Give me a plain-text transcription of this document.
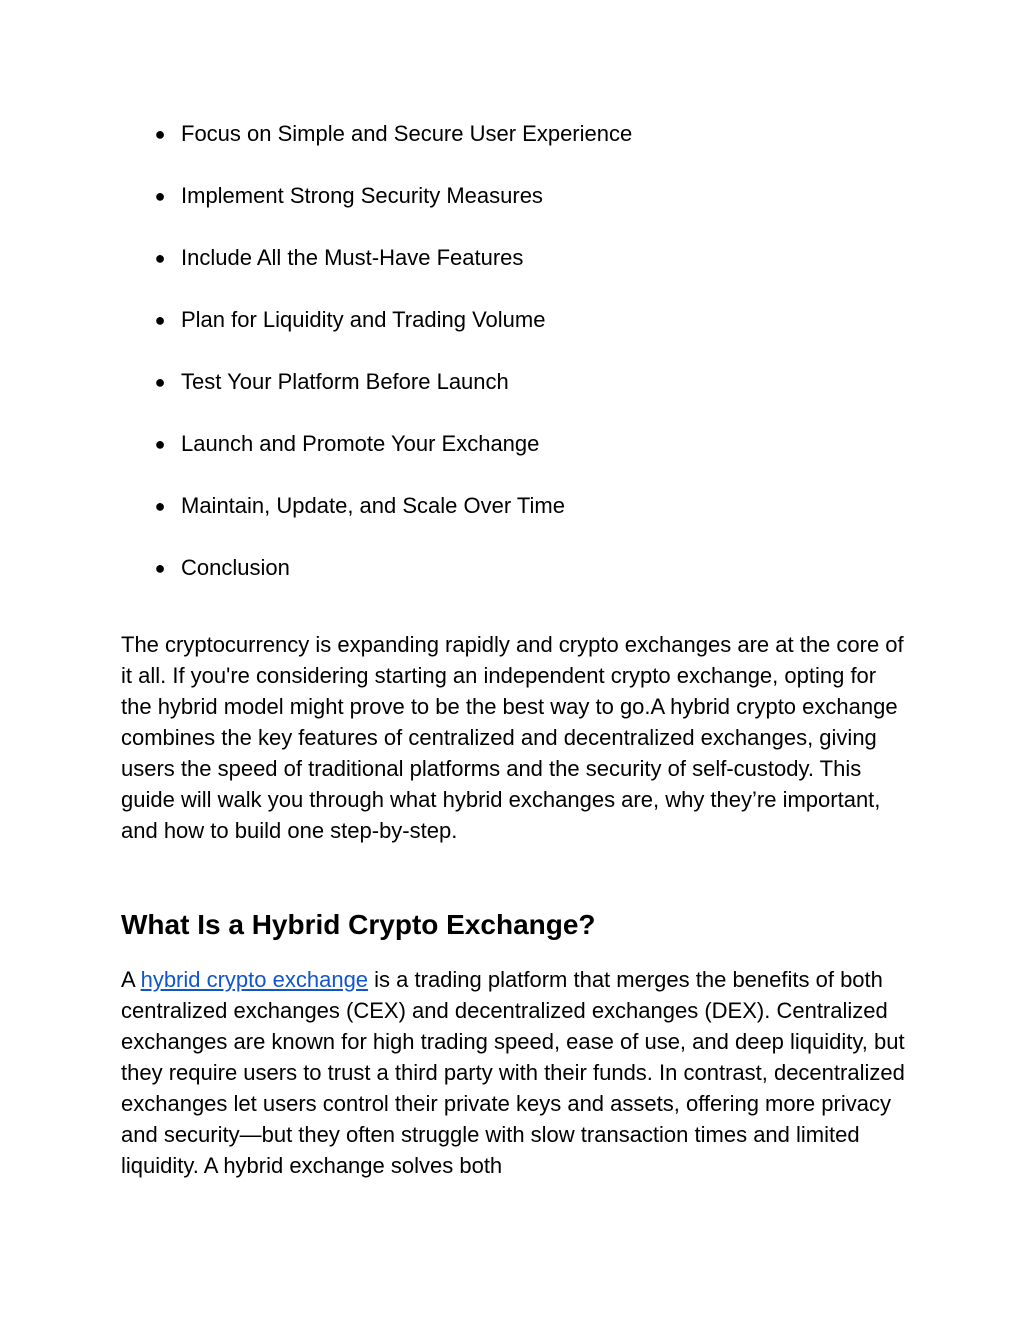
● Focus on Simple and Secure User Experience
● Implement Strong Security Measures
● Include All the Must-Have Features
● Plan for Liquidity and Trading Volume
● Test Your Platform Before Launch
● Launch and Promote Your Exchange
● Maintain, Update, and Scale Over Time
● Conclusion

The cryptocurrency is expanding rapidly and crypto exchanges are at the core of it all. If you're considering starting an independent crypto exchange, opting for the hybrid model might prove to be the best way to go.A hybrid crypto exchange combines the key features of centralized and decentralized exchanges, giving users the speed of traditional platforms and the security of self-custody. This guide will walk you through what hybrid exchanges are, why they’re important, and how to build one step-by-step.

What Is a Hybrid Crypto Exchange?

A hybrid crypto exchange is a trading platform that merges the benefits of both centralized exchanges (CEX) and decentralized exchanges (DEX). Centralized exchanges are known for high trading speed, ease of use, and deep liquidity, but they require users to trust a third party with their funds. In contrast, decentralized exchanges let users control their private keys and assets, offering more privacy and security—but they often struggle with slow transaction times and limited liquidity. A hybrid exchange solves both
